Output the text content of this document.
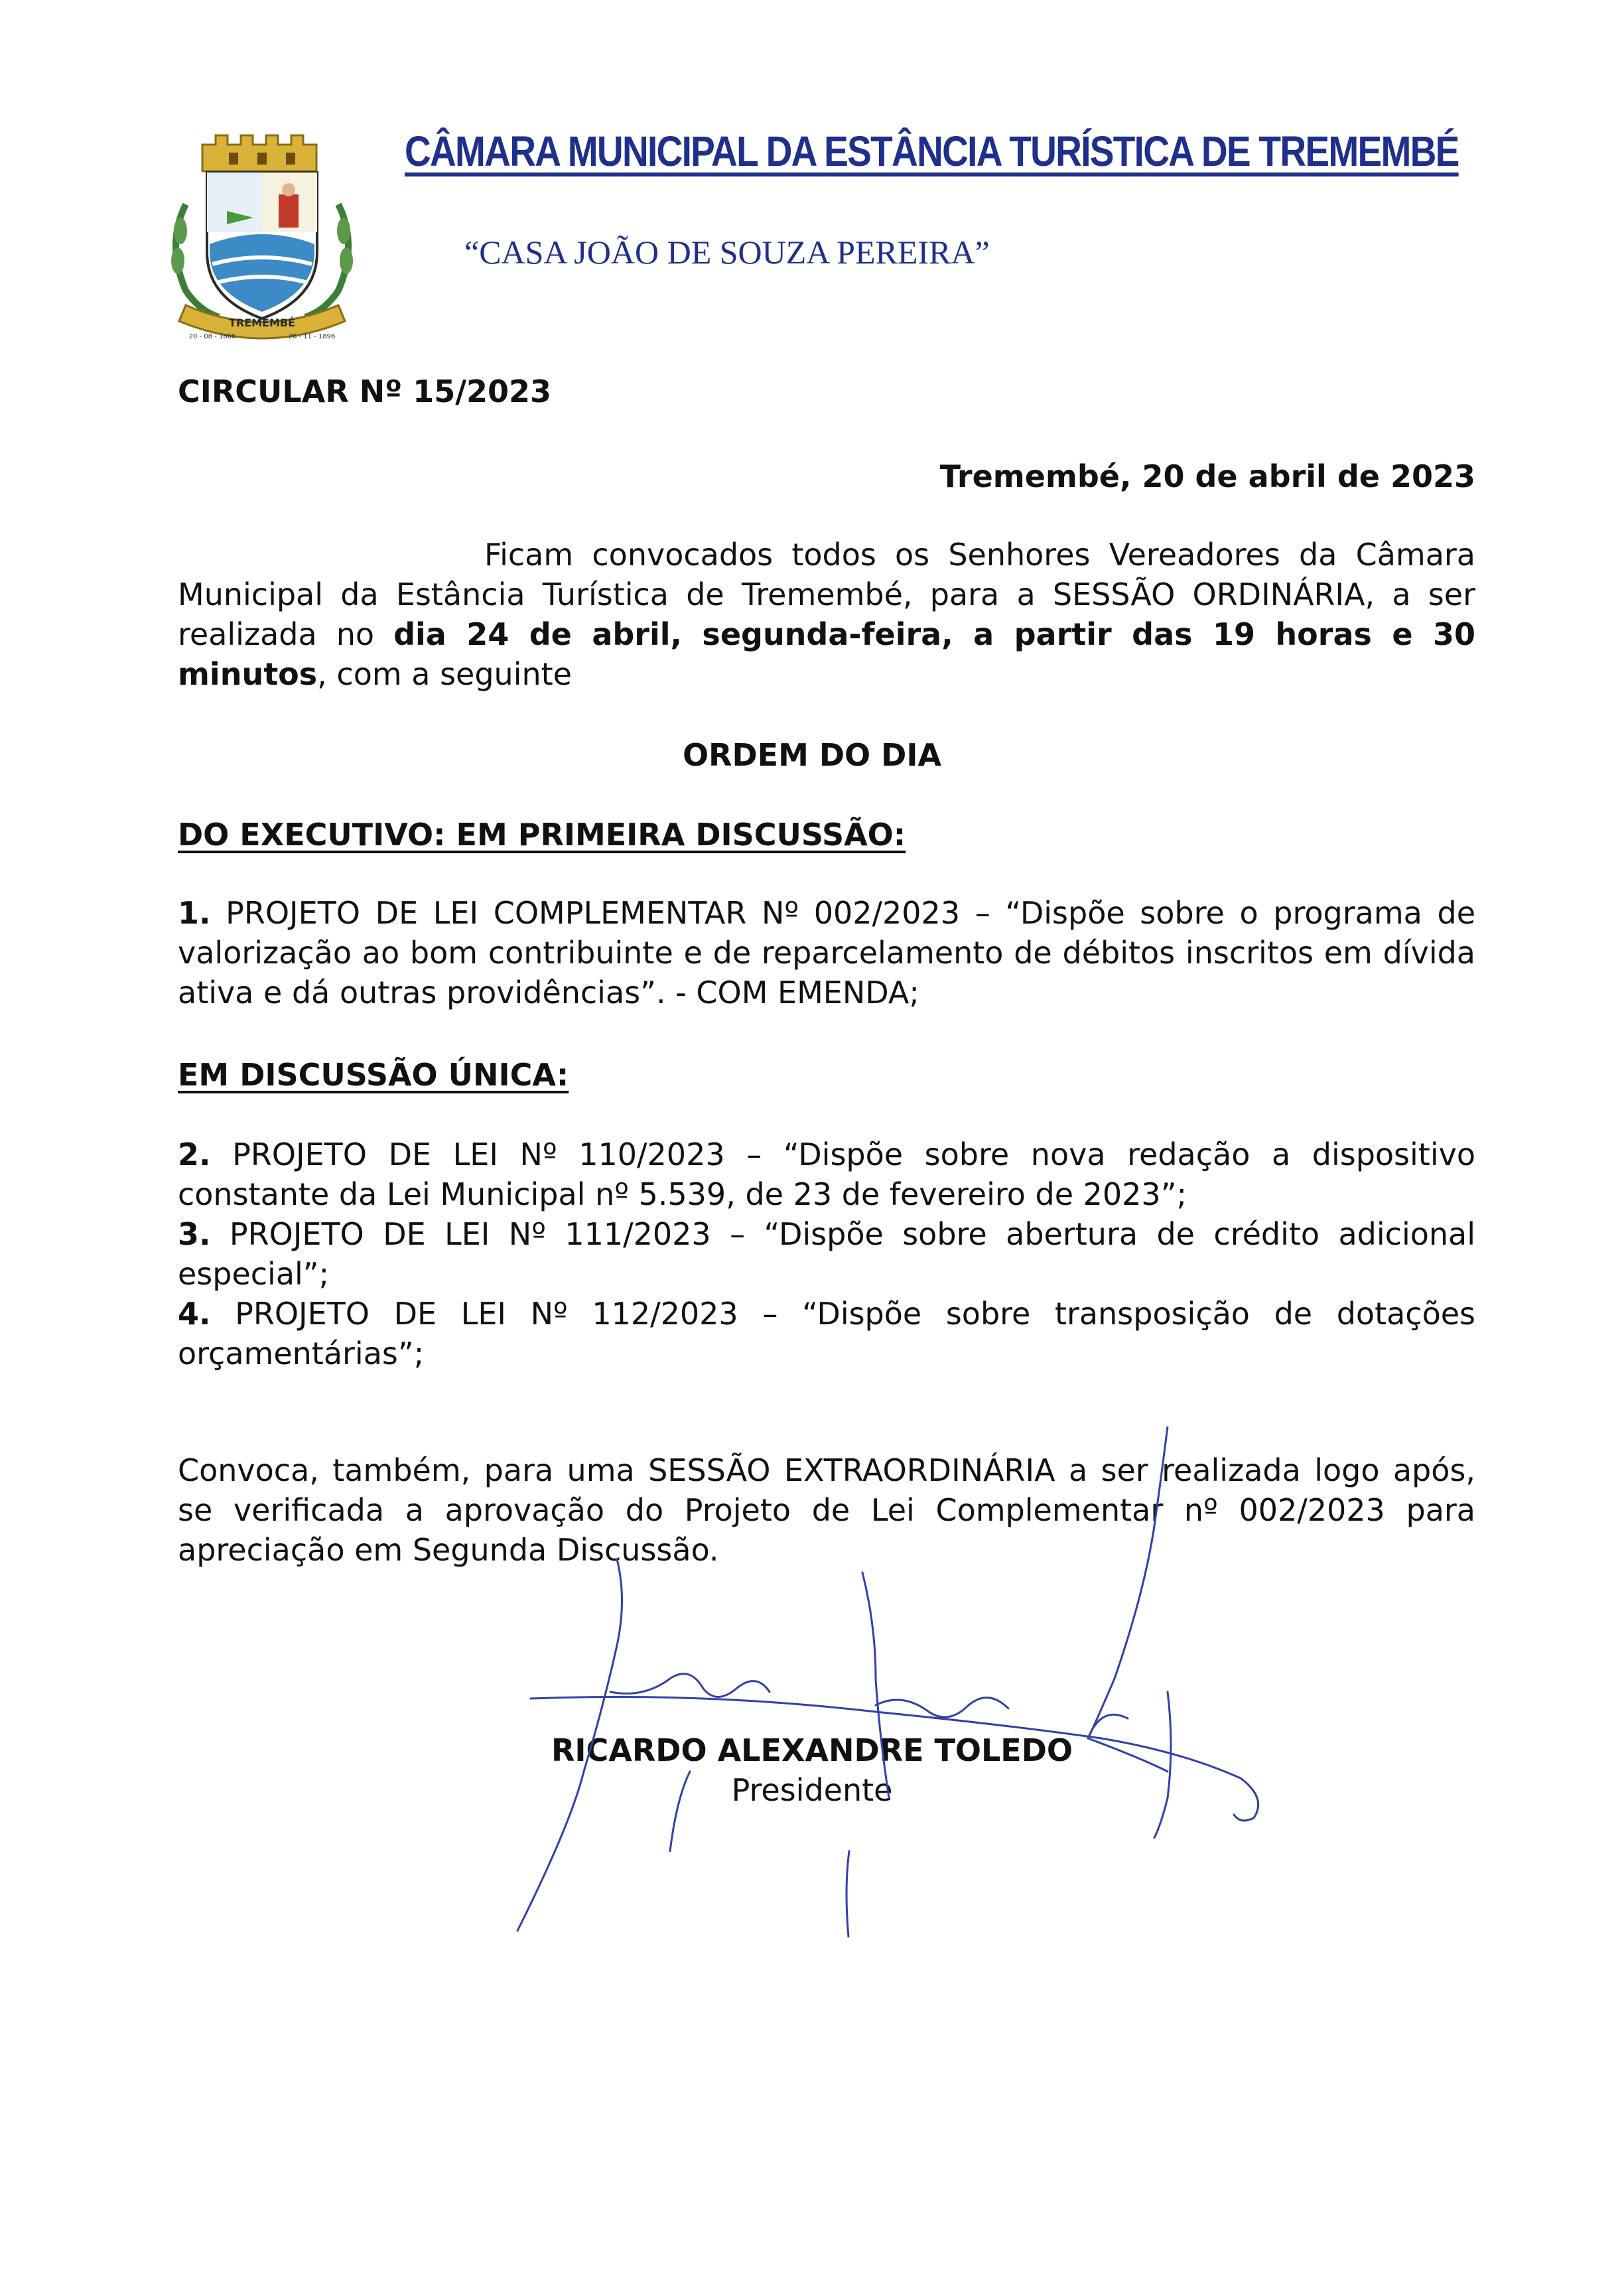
TREMEMBÉ
20 - 08 - 1866	26 - 11 - 1896
CÂMARA MUNICIPAL DA ESTÂNCIA TURÍSTICA DE TREMEMBÉ
“CASA JOÃO DE SOUZA PEREIRA”
CIRCULAR Nº 15/2023
Tremembé, 20 de abril de 2023

Ficam convocados todos os Senhores Vereadores da Câmara Municipal da Estância Turística de Tremembé, para a SESSÃO ORDINÁRIA, a ser realizada no dia 24 de abril, segunda-feira, a partir das 19 horas e 30 minutos, com a seguinte

ORDEM DO DIA
DO EXECUTIVO: EM PRIMEIRA DISCUSSÃO:

1. PROJETO DE LEI COMPLEMENTAR Nº 002/2023 – “Dispõe sobre o programa de valorização ao bom contribuinte e de reparcelamento de débitos inscritos em dívida ativa e dá outras providências”. - COM EMENDA;

EM DISCUSSÃO ÚNICA:

2. PROJETO DE LEI Nº 110/2023 – “Dispõe sobre nova redação a dispositivo constante da Lei Municipal nº 5.539, de 23 de fevereiro de 2023”;

3. PROJETO DE LEI Nº 111/2023 – “Dispõe sobre abertura de crédito adicional especial”;

4. PROJETO DE LEI Nº 112/2023 – “Dispõe sobre transposição de dotações orçamentárias”;

Convoca, também, para uma SESSÃO EXTRAORDINÁRIA a ser realizada logo após, se verificada a aprovação do Projeto de Lei Complementar nº 002/2023 para apreciação em Segunda Discussão.

RICARDO ALEXANDRE TOLEDO
Presidente
